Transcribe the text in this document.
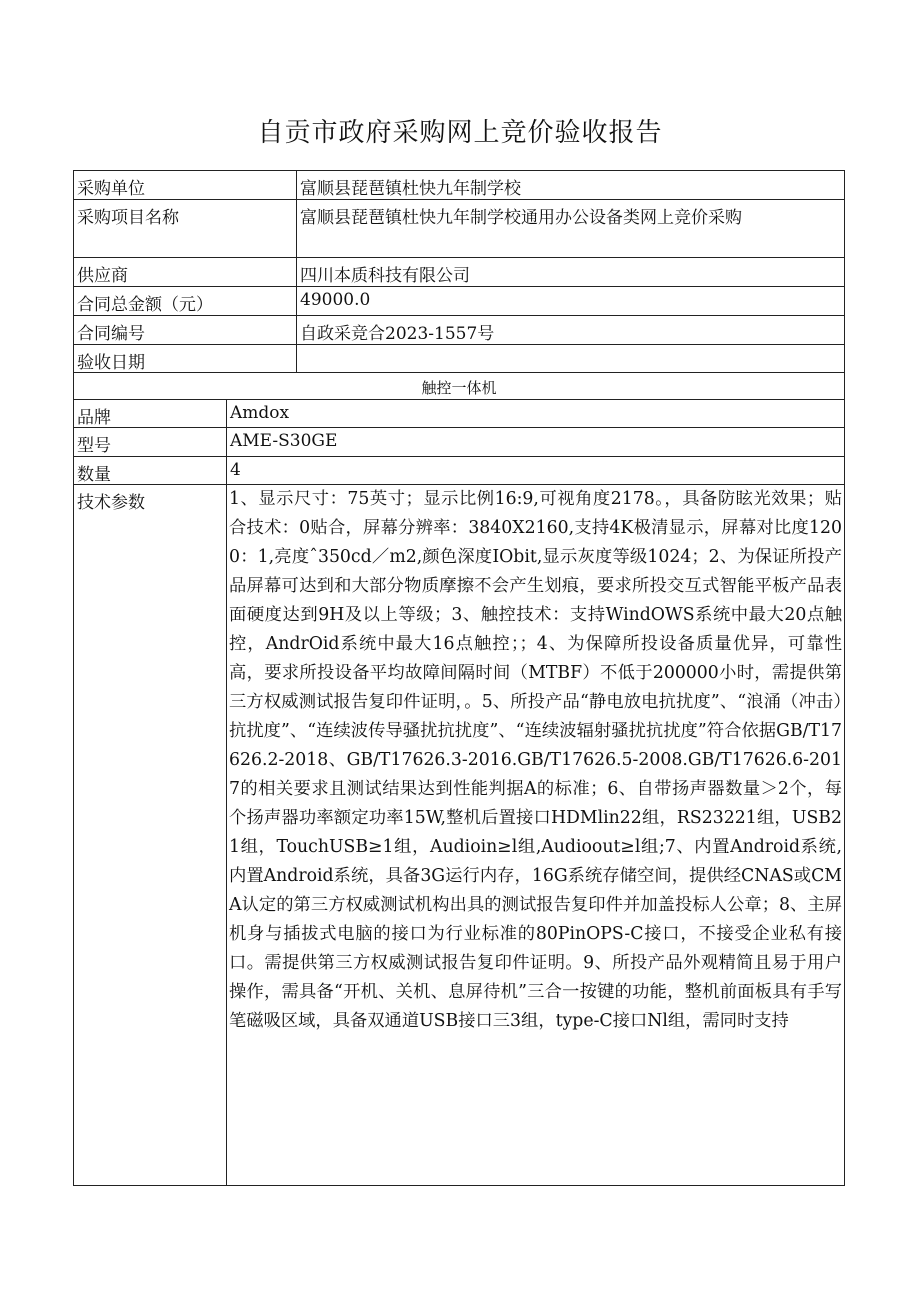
自贡市政府采购网上竞价验收报告
采购单位	富顺县琵琶镇杜快九年制学校
采购项目名称	富顺县琵琶镇杜快九年制学校通用办公设备类网上竞价采购
供应商	四川本质科技有限公司
合同总金额（元）	49000.0
合同编号	自政采竞合2023-1557号
验收日期
触控一体机
品牌	Amdox
型号	AME-S30GE
数量	4
技术参数	1、显示尺寸：75英寸；显示比例16:9,可视角度2178。，具备防眩光效果；贴合技术：0贴合，屏幕分辨率：3840X2160,支持4K极清显示，屏幕对比度1200：1,亮度ˆ350cd／m2,颜色深度IObit,显示灰度等级1024；2、为保证所投产品屏幕可达到和大部分物质摩擦不会产生划痕，要求所投交互式智能平板产品表面硬度达到9H及以上等级；3、触控技术：支持WindOWS系统中最大20点触控，AndrOid系统中最大16点触控；；4、为保障所投设备质量优异，可靠性高，要求所投设备平均故障间隔时间（MTBF）不低于200000小时，需提供第三方权威测试报告复印件证明，。5、所投产品“静电放电抗扰度”、“浪涌（冲击）抗扰度”、“连续波传导骚扰抗扰度”、“连续波辐射骚扰抗扰度”符合依据GB/T17626.2-2018、GB/T17626.3-2016.GB/T17626.5-2008.GB/T17626.6-2017的相关要求且测试结果达到性能判据A的标准；6、自带扬声器数量＞2个，每个扬声器功率额定功率15W,整机后置接口HDMlin22组，RS23221组，USB21组，TouchUSB≥1组，Audioin≥l组,Audioout≥l组;7、内置Android系统,内置Android系统，具备3G运行内存，16G系统存储空间，提供经CNAS或CMA认定的第三方权威测试机构出具的测试报告复印件并加盖投标人公章；8、主屏机身与插拔式电脑的接口为行业标准的80PinOPS-C接口，不接受企业私有接口。需提供第三方权威测试报告复印件证明。9、所投产品外观精简且易于用户操作，需具备“开机、关机、息屏待机”三合一按键的功能，整机前面板具有手写笔磁吸区域，具备双通道USB接口三3组，type-C接口Nl组，需同时支持
